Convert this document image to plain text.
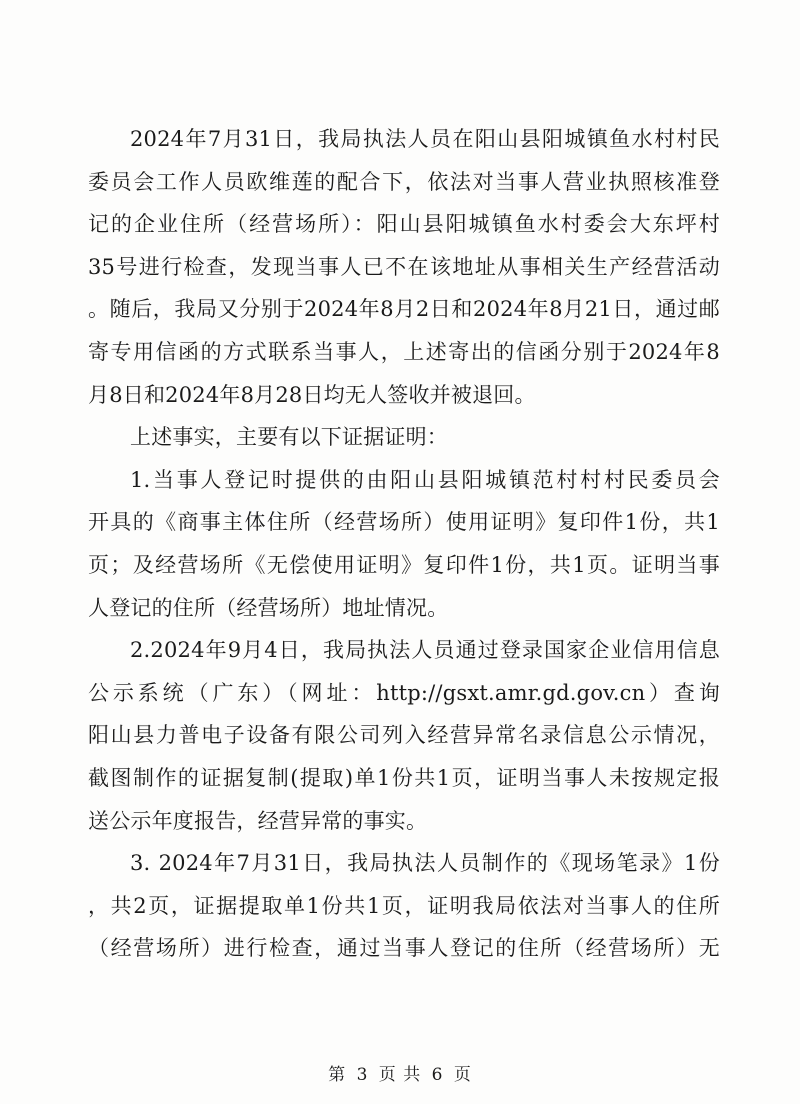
2024年7月31日，我局执法人员在阳山县阳城镇鱼水村村民
委员会工作人员欧维莲的配合下，依法对当事人营业执照核准登
记的企业住所（经营场所）：阳山县阳城镇鱼水村委会大东坪村
35号进行检查，发现当事人已不在该地址从事相关生产经营活动
。随后，我局又分别于2024年8月2日和2024年8月21日，通过邮
寄专用信函的方式联系当事人，上述寄出的信函分别于2024年8
月8日和2024年8月28日均无人签收并被退回。
上述事实，主要有以下证据证明：
1.当事人登记时提供的由阳山县阳城镇范村村村民委员会
开具的《商事主体住所（经营场所）使用证明》复印件1份，共1
页；及经营场所《无偿使用证明》复印件1份，共1页。证明当事
人登记的住所（经营场所）地址情况。
2.2024年9月4日，我局执法人员通过登录国家企业信用信息
公示系统（广东）（网址：http://gsxt.amr.gd.gov.cn）查询
阳山县力普电子设备有限公司列入经营异常名录信息公示情况，
截图制作的证据复制(提取)单1份共1页，证明当事人未按规定报
送公示年度报告，经营异常的事实。
3. 2024年7月31日，我局执法人员制作的《现场笔录》1份
，共2页，证据提取单1份共1页，证明我局依法对当事人的住所
（经营场所）进行检查，通过当事人登记的住所（经营场所）无
第 3 页 共 6 页
